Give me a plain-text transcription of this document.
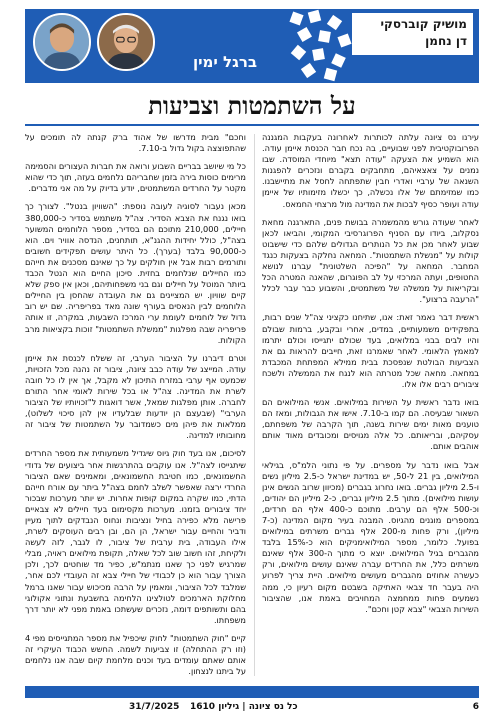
ברגל ימין
מושיק קוברסקי
דן נחמן
על השתמטות וצביעות

עירנו נס ציונה עלתה לכותרות לאחרונה בעקבות המגננה הפרובוקטיבית לפני שבועיים, בה נכח חבר הכנסת איימן עודה. הוא השמיע את הצעקה "עודה תצא" מיוחדי המוסדה. שבו נמנים על צאצאיהם, מתחבקים בקברם ונזכרים להפגנות השנאה של ערביי ואדרי חבין שתפתחה לחסל את מתיישבנו. כמו שמזימתם של אלו נכשלה, כך יכשלו מזימותיו של איימן עודה ועופר כסיף לבכות את המדינה מול מרצחי החמאס.

לאחר שעודה גורש מהמשמרה בבושת פנים, התארגנה מחאת נסקלוב, ביודו עם הסניף הפרוגרסיבי המקומי, והביאו לכאן שבוע לאחר מכן את כל הנותרים הגדולים שלהם כדי שישבוט קולות על "מנשלת השתמטות". המחאה נחלקה בצעקות כנגד המחבר. המחאה על "הפיכה השלטונית" עברנו לנושא החטופים, ועתה המרכזי על לב הפוגרום, שהאנה המטרה הכל ובקריאות על ממשלה של משתמטים, והשבוע כבר עבר לכלל "הרעבה ברצוע".

ראשית דבר נאמר זאת: אנו, שתיחנו כקציני צה"ל שנים רבות, בתפקידים משמעותיים, במדים, אחרי ובקבע, ברמות שבולם והיו לבים בבני במלואים, בעד שכולם יתגייסו וכולם יתרמו למאמץ הלאומי. לאחר שאמרנו זאת, חייבים להראות גם את הצביעות הבולטת שנפסכת בבית ממילא המפתחת המכבדת במחאה. מחאה שכל מטרתה הוא לנגח את הממשלה ולשכח ציבורים רבים אלו אלו.

בואו נדבר ראשית על השירות במילואים. אנשי המילואים הם השאור שבעיסה. הם קמו ב-7.10. אישו את הגבולות, ומאז הם טוענים מאות ימים שירות בשנה, תוך הקרבה של משפחתם, עסקיהם, ובריאותם. כל אלה מגויסים ומכובדים מאוד אותם אוהבים אותם.

אבל בואו נדבר על מספרים. על פי נתוני הלמ"ס, בגילאי המילואים, בין 21 ל-50, יש במדינת ישראל כ-2.5 מיליון נשים ו-2.5 מיליון גברים. בואו נחרוג בגברים (מכיוון שרוב הנשים אינן עושות מילואים). מתוך 2.5 מיליון גברים, כ-2 מיליון הם יהודים, וכ-500 אלף הם ערבים. מתוכם כ-400 אלף הם חרדים, במספרים מוגנים מהגיוס. המבנה בעיר מקום המדינה (כ-7 מיליון), ורק פחות מ-200 אלף גברים משרתים במילואים בפועל. כלומר, מספר המילואימניקים הוא כ-15% בלבד מהגברים בגיל המילואים. יוצא כי מתוך ה-300 אלף שאינם משרתים כלל, את החרדים עברה שאינם עושים מילואים, ורק כעשרה אחוזים מהגברים מעושים מילואים. היית צריך לפרוע היה בעבר חד צבאי האתיקה בשבטם מקום רעיון כי, ממה נשמעים פחות ממחמצה המחויבים באמת אנו, שהציבור השירות הצבאי "צבא קטן וחכם".

וחכם" מבית מדרשו של אהוד ברק קנתה לה תומכים על שהתפוצצה בקול גדול ב-7.10.

כל מי שיושב בבריים השבוע ורואה את חברות העצורים והסמימה מרימים כוסות בירה בזמן שחבריהם נלחמים בעזה, תוך כדי שהוא מקטר על החרדים המשתמטים, יודע בדיוק על מה אני מדברים.

מכאן נעבור לסוגיה לעובה נוספת: "השוויון בנטל". לצורך כך בואו נגנח את הצבא הסדיר. צה"ל משתמש בסדיר כ-380,000 חיילים, 210,000 מתוכם הם בסדיר, מספר הלוחמים המשוער בצה"ל, כולל יחידות ההגנ"א, תותחנים, הנדסה אוויר וים. הוא כ-90,000 בלבד (בערך). כל היתר עושים תפקידים חשובים ותורמים רבות אבל אין חולקים על כך שאינם מסכנים את חייהם כמו החיילים שנלחמים בחזית. סיכון החיים הוא הנטל הכבד ביותר המוטל על חיילים וגם בני משפחותיהם, וכאן אין ספק שלא קיים שוויון. יש המציינים גם את העובדה שהחסן בין החיילים הלוחמים לבין הנאסים בעורף שונה מאד בפריפריה. שם יש רוב גדול של לוחמים לעומת ערי המרכז השבעות, במקרה, זו אותה פריפריה שבה מפלגות "ממשלת השתמטות" זוכות בקציאות מרב הקולות.

וטרם דיברנו על הציבור הערבי, זה ששלח לכנסת את איימן עודה. המייצג של עודה כבב ציונה, ציבור זה נהנה מכל הזכויות, שכמעט אף ערבי במזרח התיכון לא מקבל, אך אין לו כל חובה לשרת את המדינה. צה"ל או בכל שירות לאומי אחר התורם לחברה. אותן מפלגות שמאל, אשר דואגות ל"זכויותיו של הציבור הערבי" (שבעצם הן יודעות שבלעדיו אין להן סיכוי לשלוט), ממלאות את פיהן מים כשמדובר על השתמטות של ציבור זה מחובותיו למדינה.

לסיכום, אנו בעד חוק גיוס שיגדיל משמעותית את מספר החרדים שיתגייסו לצה"ל. אנו עוקבים בהתרגשות אחר ביצועים של גדודי החשמונאים, כמו חטיבת החשמונאים, ומאמינים שאם הציבור החרדי ירצה שאפשר לשלב לחמם בצה"ל ביתר עם אורח חייהם הדתי, כמו שקרה במקום קופות אחרות. יש יותר מערכות שבכור יחד ציבורים בזמנו. מערכות מקסימום בעד חיילים לא צבאיים פרישה מלא כפירה בחיל ונציבות ונחוס הנבדקים לתוך מעיין ודביר והחיים עבור ישראל, הן הם, ובן רבים העוסקים לשרת, אילו העבודה, בית ערבית של ציבור, לו לגבר, לזה לעשה ולקיחת, זהו חשוב שוב לכל שאלה, תקופת מילואים ראויה, מבלי שמרגיש לפני כך שאנו מנתמ"ש, כפיר מד שוחטים לכך, ולכן הצורך עבור הוא כן לכבודי של חיילי צבא זה העובדי לכם אחר, שמלבד לכל הציבור, ומאמין על הרבה מכיכוש עבור שאנו ברמל מחלוקת הארמכים לטולצינו הלחימה בחשבעת ונתוני אקולוגי בהם ותשותפים דומה, נזכרים שעשתכו באמת מפני לא יותר דרך משפחתו.

קיים "חוק השתמטות" לחוק שיכפיל את מספר המתגייסים מפי 4 (וזו רק ההתחלה) זו צביעות לשמה. החשש הכבוד העיקרי זה אותם שאתם עומדים בעד וכנים מלחמת קיום שבה אנו נלחמים על ביתנו לנצחון.

6
כל נס ציונה | גיליון 1610
31/7/2025
